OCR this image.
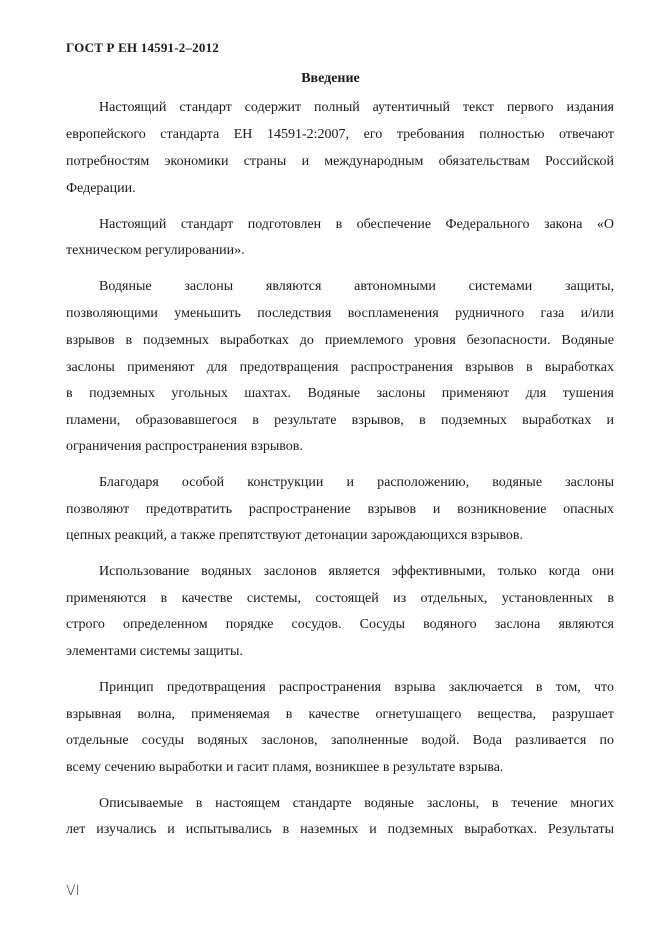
ГОСТ Р ЕН 14591-2–2012
Введение
Настоящий стандарт содержит полный аутентичный текст первого издания
европейского стандарта ЕН 14591-2:2007, его требования полностью отвечают
потребностям экономики страны и международным обязательствам Российской
Федерации.
Настоящий стандарт подготовлен в обеспечение Федерального закона «О
техническом регулировании».
Водяные заслоны являются автономными системами защиты,
позволяющими уменьшить последствия воспламенения рудничного газа и/или
взрывов в подземных выработках до приемлемого уровня безопасности. Водяные
заслоны применяют для предотвращения распространения взрывов в выработках
в подземных угольных шахтах. Водяные заслоны применяют для тушения
пламени, образовавшегося в результате взрывов, в подземных выработках и
ограничения распространения взрывов.
Благодаря особой конструкции и расположению, водяные заслоны
позволяют предотвратить распространение взрывов и возникновение опасных
цепных реакций, а также препятствуют детонации зарождающихся взрывов.
Использование водяных заслонов является эффективными, только когда они
применяются в качестве системы, состоящей из отдельных, установленных в
строго определенном порядке сосудов. Сосуды водяного заслона являются
элементами системы защиты.
Принцип предотвращения распространения взрыва заключается в том, что
взрывная волна, применяемая в качестве огнетушащего вещества, разрушает
отдельные сосуды водяных заслонов, заполненные водой. Вода разливается по
всему сечению выработки и гасит пламя, возникшее в результате взрыва.
Описываемые в настоящем стандарте водяные заслоны, в течение многих
лет изучались и испытывались в наземных и подземных выработках. Результаты
VI
